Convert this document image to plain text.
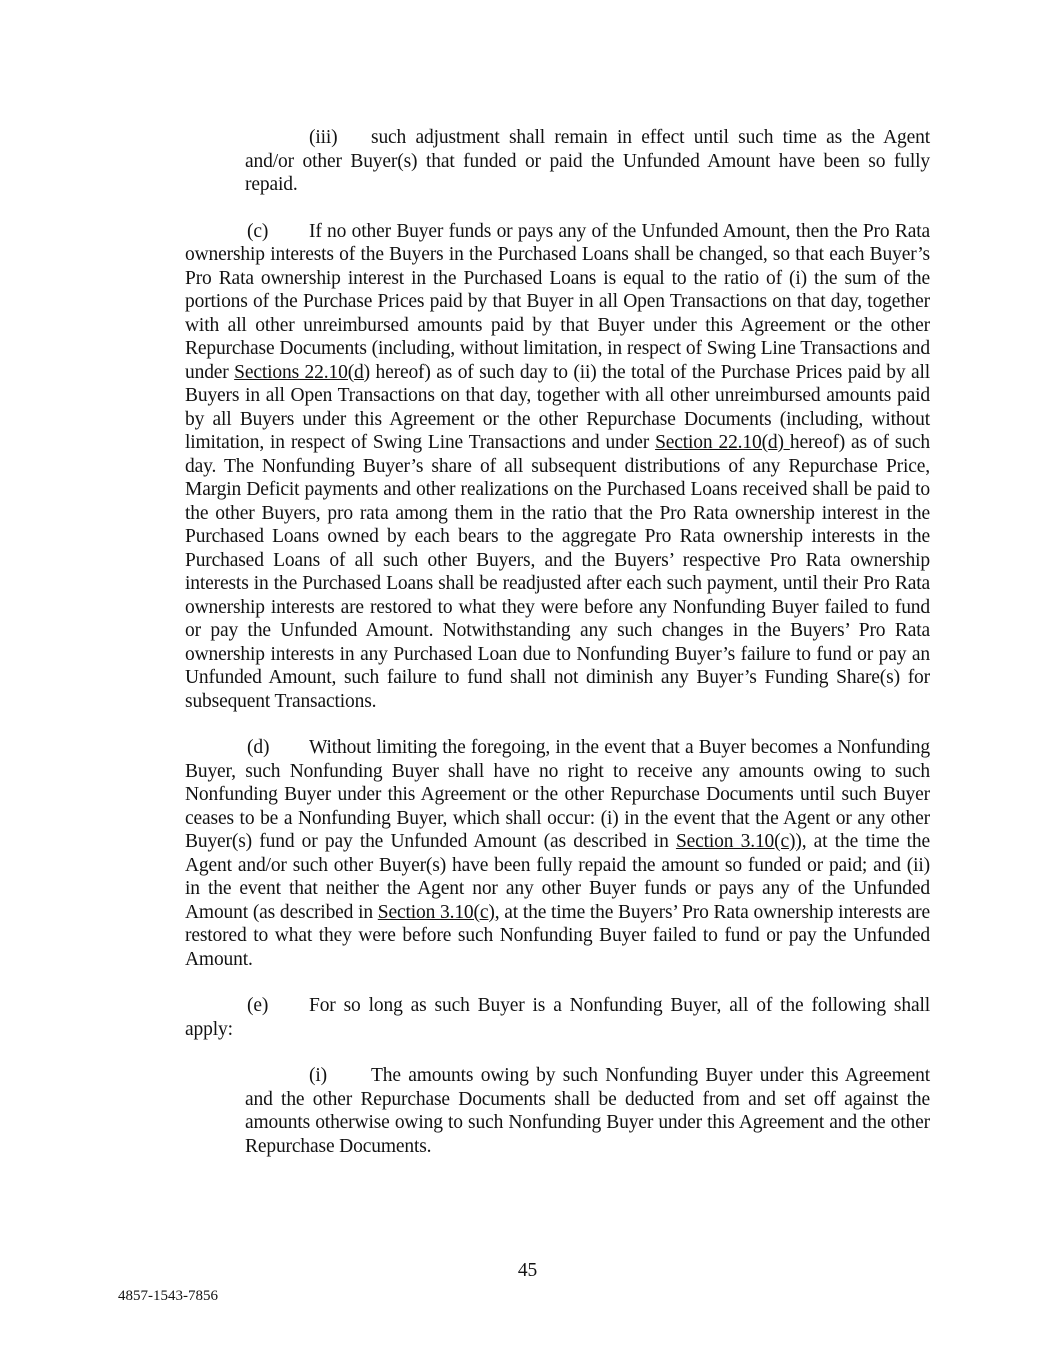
(iii) such adjustment shall remain in effect until such time as the Agent and/or other Buyer(s) that funded or paid the Unfunded Amount have been so fully repaid.

(c) If no other Buyer funds or pays any of the Unfunded Amount, then the Pro Rata ownership interests of the Buyers in the Purchased Loans shall be changed, so that each Buyer’s Pro Rata ownership interest in the Purchased Loans is equal to the ratio of (i) the sum of the portions of the Purchase Prices paid by that Buyer in all Open Transactions on that day, together with all other unreimbursed amounts paid by that Buyer under this Agreement or the other Repurchase Documents (including, without limitation, in respect of Swing Line Transactions and under Sections 22.10(d) hereof) as of such day to (ii) the total of the Purchase Prices paid by all Buyers in all Open Transactions on that day, together with all other unreimbursed amounts paid by all Buyers under this Agreement or the other Repurchase Documents (including, without limitation, in respect of Swing Line Transactions and under Section 22.10(d) hereof) as of such day. The Nonfunding Buyer’s share of all subsequent distributions of any Repurchase Price, Margin Deficit payments and other realizations on the Purchased Loans received shall be paid to the other Buyers, pro rata among them in the ratio that the Pro Rata ownership interest in the Purchased Loans owned by each bears to the aggregate Pro Rata ownership interests in the Purchased Loans of all such other Buyers, and the Buyers’ respective Pro Rata ownership interests in the Purchased Loans shall be readjusted after each such payment, until their Pro Rata ownership interests are restored to what they were before any Nonfunding Buyer failed to fund or pay the Unfunded Amount. Notwithstanding any such changes in the Buyers’ Pro Rata ownership interests in any Purchased Loan due to Nonfunding Buyer’s failure to fund or pay an Unfunded Amount, such failure to fund shall not diminish any Buyer’s Funding Share(s) for subsequent Transactions.

(d) Without limiting the foregoing, in the event that a Buyer becomes a Nonfunding Buyer, such Nonfunding Buyer shall have no right to receive any amounts owing to such Nonfunding Buyer under this Agreement or the other Repurchase Documents until such Buyer ceases to be a Nonfunding Buyer, which shall occur: (i) in the event that the Agent or any other Buyer(s) fund or pay the Unfunded Amount (as described in Section 3.10(c)), at the time the Agent and/or such other Buyer(s) have been fully repaid the amount so funded or paid; and (ii) in the event that neither the Agent nor any other Buyer funds or pays any of the Unfunded Amount (as described in Section 3.10(c), at the time the Buyers’ Pro Rata ownership interests are restored to what they were before such Nonfunding Buyer failed to fund or pay the Unfunded Amount.

(e) For so long as such Buyer is a Nonfunding Buyer, all of the following shall apply:

(i) The amounts owing by such Nonfunding Buyer under this Agreement and the other Repurchase Documents shall be deducted from and set off against the amounts otherwise owing to such Nonfunding Buyer under this Agreement and the other Repurchase Documents.

45
4857-1543-7856
